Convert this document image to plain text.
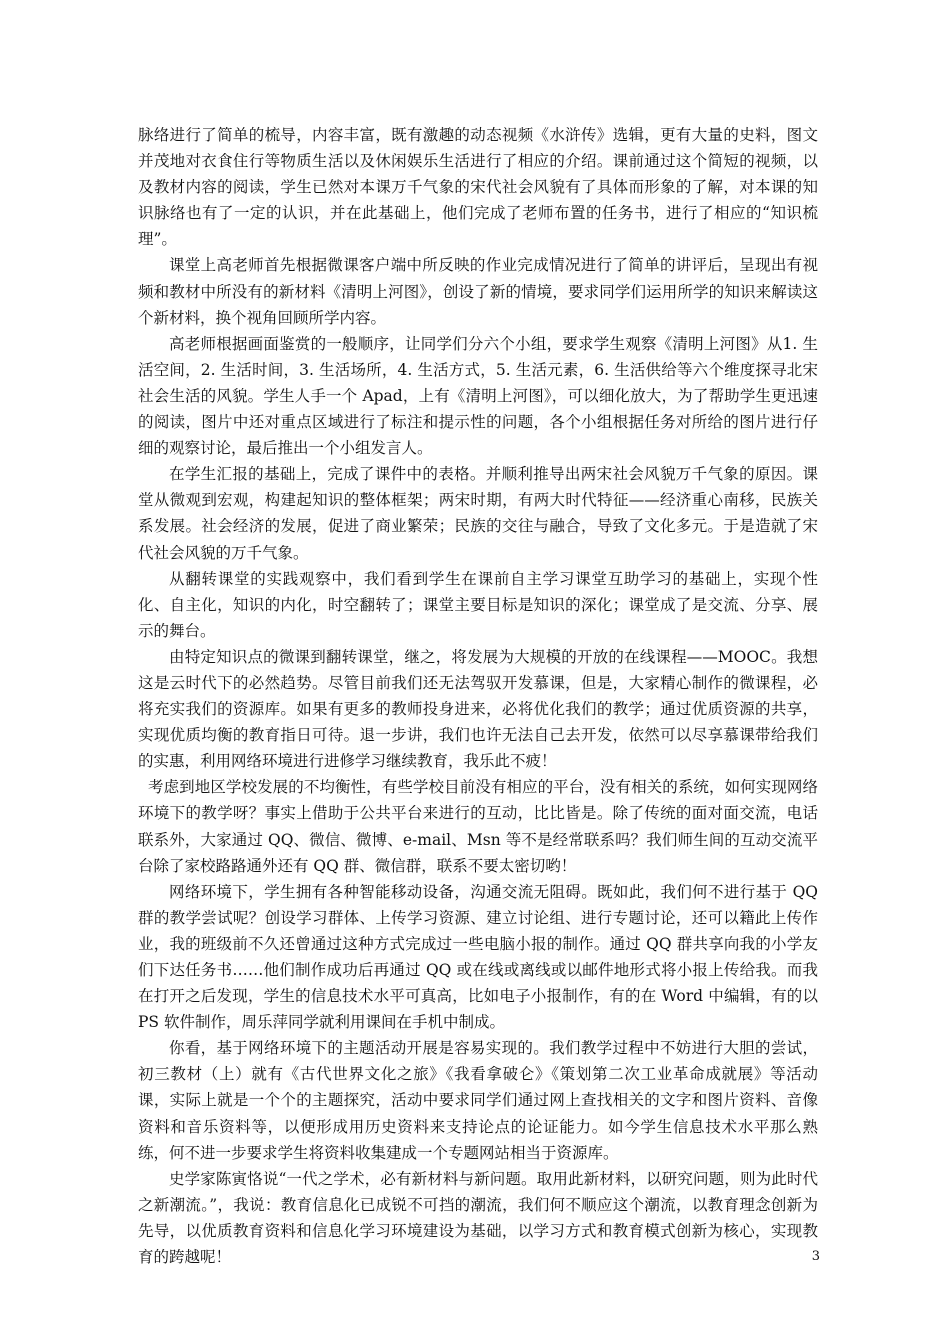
脉络进行了简单的梳导，内容丰富，既有激趣的动态视频《水浒传》选辑，更有大量的史料，图文并茂地对衣食住行等物质生活以及休闲娱乐生活进行了相应的介绍。课前通过这个简短的视频，以及教材内容的阅读，学生已然对本课万千气象的宋代社会风貌有了具体而形象的了解，对本课的知识脉络也有了一定的认识，并在此基础上，他们完成了老师布置的任务书，进行了相应的“知识梳理”。

课堂上高老师首先根据微课客户端中所反映的作业完成情况进行了简单的讲评后，呈现出有视频和教材中所没有的新材料《清明上河图》，创设了新的情境，要求同学们运用所学的知识来解读这个新材料，换个视角回顾所学内容。

高老师根据画面鉴赏的一般顺序，让同学们分六个小组，要求学生观察《清明上河图》从1. 生活空间，2. 生活时间，3. 生活场所，4. 生活方式，5. 生活元素，6. 生活供给等六个维度探寻北宋社会生活的风貌。学生人手一个 Apad，上有《清明上河图》，可以细化放大，为了帮助学生更迅速的阅读，图片中还对重点区域进行了标注和提示性的问题，各个小组根据任务对所给的图片进行仔细的观察讨论，最后推出一个小组发言人。

在学生汇报的基础上，完成了课件中的表格。并顺利推导出两宋社会风貌万千气象的原因。课堂从微观到宏观，构建起知识的整体框架；两宋时期，有两大时代特征——经济重心南移，民族关系发展。社会经济的发展，促进了商业繁荣；民族的交往与融合，导致了文化多元。于是造就了宋代社会风貌的万千气象。

从翻转课堂的实践观察中，我们看到学生在课前自主学习课堂互助学习的基础上，实现个性化、自主化，知识的内化，时空翻转了；课堂主要目标是知识的深化；课堂成了是交流、分享、展示的舞台。

由特定知识点的微课到翻转课堂，继之，将发展为大规模的开放的在线课程——MOOC。我想这是云时代下的必然趋势。尽管目前我们还无法驾驭开发慕课，但是，大家精心制作的微课程，必将充实我们的资源库。如果有更多的教师投身进来，必将优化我们的教学；通过优质资源的共享，实现优质均衡的教育指日可待。退一步讲，我们也许无法自己去开发，依然可以尽享慕课带给我们的实惠，利用网络环境进行进修学习继续教育，我乐此不疲！

考虑到地区学校发展的不均衡性，有些学校目前没有相应的平台，没有相关的系统，如何实现网络环境下的教学呀？事实上借助于公共平台来进行的互动，比比皆是。除了传统的面对面交流，电话联系外，大家通过 QQ、微信、微博、e-mail、Msn 等不是经常联系吗？我们师生间的互动交流平台除了家校路路通外还有 QQ 群、微信群，联系不要太密切哟！

网络环境下，学生拥有各种智能移动设备，沟通交流无阻碍。既如此，我们何不进行基于 QQ 群的教学尝试呢？创设学习群体、上传学习资源、建立讨论组、进行专题讨论，还可以籍此上传作业，我的班级前不久还曾通过这种方式完成过一些电脑小报的制作。通过 QQ 群共享向我的小学友们下达任务书……他们制作成功后再通过 QQ 或在线或离线或以邮件地形式将小报上传给我。而我在打开之后发现，学生的信息技术水平可真高，比如电子小报制作，有的在 Word 中编辑，有的以 PS 软件制作，周乐萍同学就利用课间在手机中制成。

你看，基于网络环境下的主题活动开展是容易实现的。我们教学过程中不妨进行大胆的尝试，初三教材（上）就有《古代世界文化之旅》《我看拿破仑》《策划第二次工业革命成就展》等活动课，实际上就是一个个的主题探究，活动中要求同学们通过网上查找相关的文字和图片资料、音像资料和音乐资料等，以便形成用历史资料来支持论点的论证能力。如今学生信息技术水平那么熟练，何不进一步要求学生将资料收集建成一个专题网站相当于资源库。

史学家陈寅恪说“一代之学术，必有新材料与新问题。取用此新材料，以研究问题，则为此时代之新潮流。”，我说：教育信息化已成锐不可挡的潮流，我们何不顺应这个潮流，以教育理念创新为先导，以优质教育资料和信息化学习环境建设为基础，以学习方式和教育模式创新为核心，实现教育的跨越呢！	3
